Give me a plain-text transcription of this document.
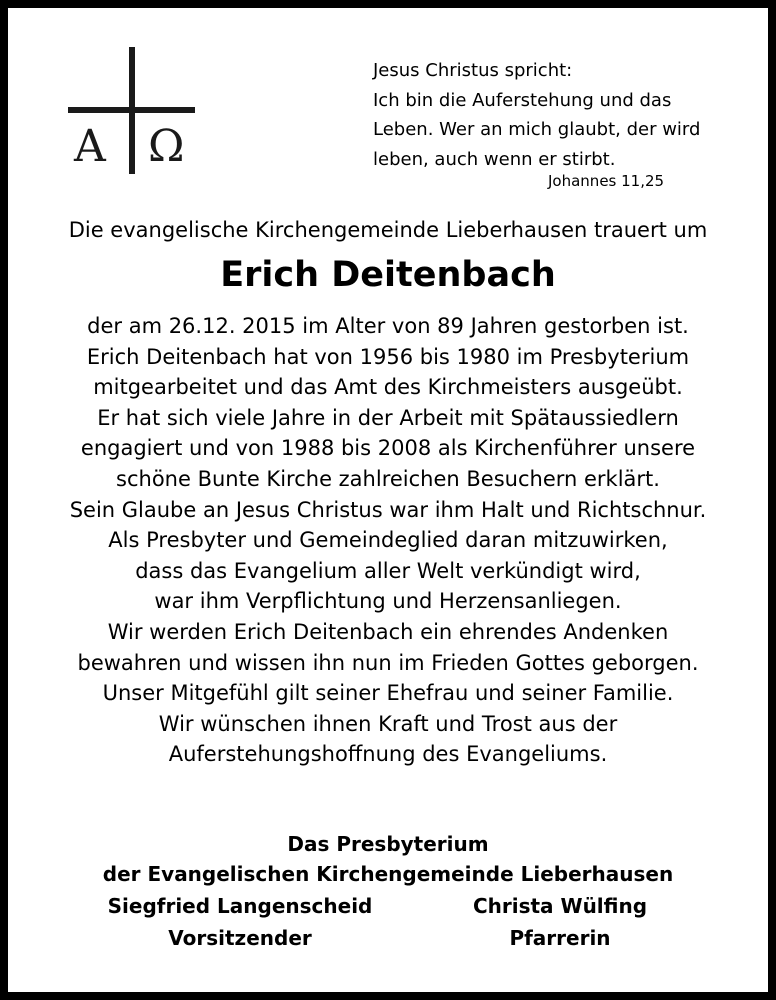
A Ω
Jesus Christus spricht:
Ich bin die Auferstehung und das
Leben. Wer an mich glaubt, der wird
leben, auch wenn er stirbt.
Johannes 11,25
Die evangelische Kirchengemeinde Lieberhausen trauert um
Erich Deitenbach
der am 26.12. 2015 im Alter von 89 Jahren gestorben ist.
Erich Deitenbach hat von 1956 bis 1980 im Presbyterium
mitgearbeitet und das Amt des Kirchmeisters ausgeübt.
Er hat sich viele Jahre in der Arbeit mit Spätaussiedlern
engagiert und von 1988 bis 2008 als Kirchenführer unsere
schöne Bunte Kirche zahlreichen Besuchern erklärt.
Sein Glaube an Jesus Christus war ihm Halt und Richtschnur.
Als Presbyter und Gemeindeglied daran mitzuwirken,
dass das Evangelium aller Welt verkündigt wird,
war ihm Verpflichtung und Herzensanliegen.
Wir werden Erich Deitenbach ein ehrendes Andenken
bewahren und wissen ihn nun im Frieden Gottes geborgen.
Unser Mitgefühl gilt seiner Ehefrau und seiner Familie.
Wir wünschen ihnen Kraft und Trost aus der
Auferstehungshoffnung des Evangeliums.
Das Presbyterium
der Evangelischen Kirchengemeinde Lieberhausen
Siegfried Langenscheid	Christa Wülfing
Vorsitzender	Pfarrerin
